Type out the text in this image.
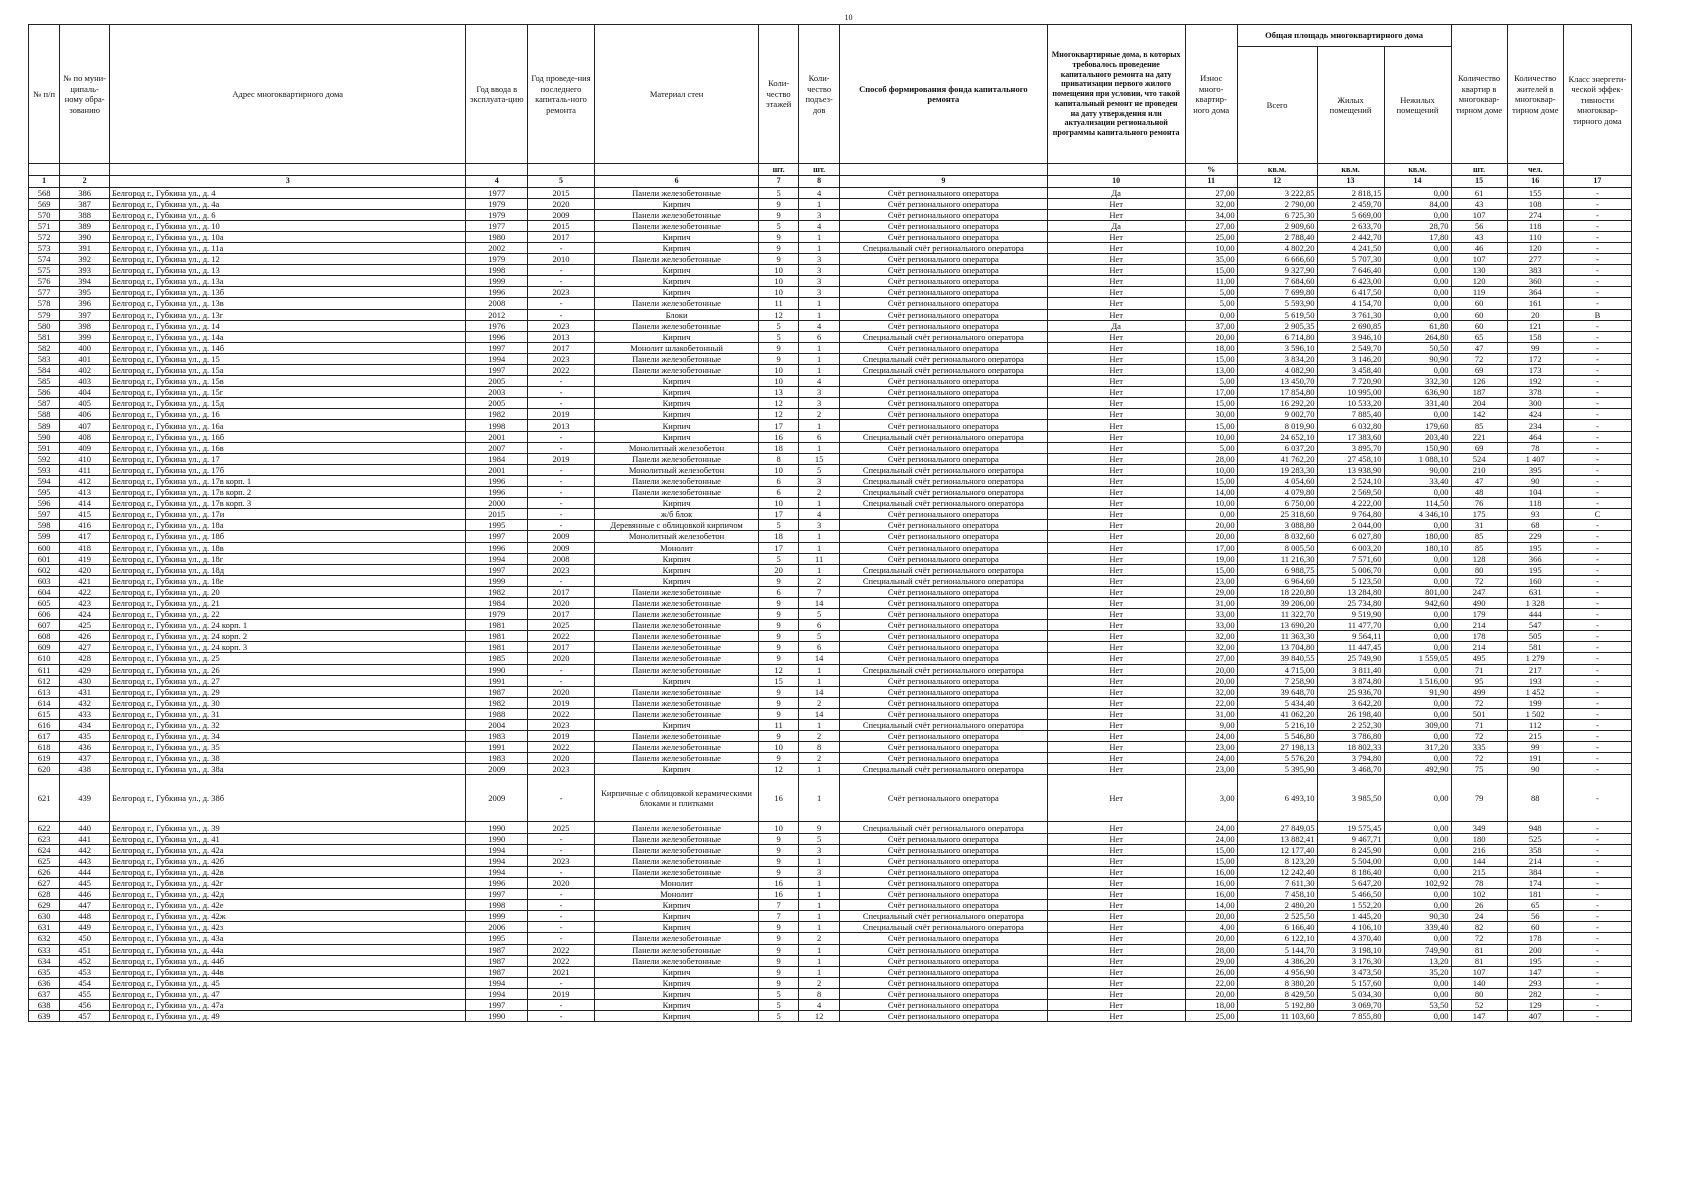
10
№ п/п	№ по муни-ципаль-ному обра-зованию	Адрес многоквартирного дома	Год ввода в эксплуата-цию	Год проведе-ния последнего капиталь-ного ремонта	Материал стен	Коли-чество этажей	Коли-чество подъез-дов	Способ формирования фонда капитального ремонта	Многоквартирные дома, в которых требовалось проведение капитального ремонта на дату приватизации первого жилого помещения при условии, что такой капитальный ремонт не проведен на дату утверждения или актуализации региональной программы капитального ремонта	Износ много-квартир-ного дома	Общая площадь многоквартирного дома			Количество квартир в многоквар-тирном доме	Количество жителей в многоквар-тирном доме	Класс энергети-ческой эффек-тивности многоквар-тирного дома
											Всего	Жилых помещений	Нежилых помещений			
						шт.	шт.			%	кв.м.	кв.м.	кв.м.	шт.	чел.	
1	2	3	4	5	6	7	8	9	10	11	12	13	14	15	16	17
568	386	Белгород г., Губкина ул., д. 4	1977	2015	Панели железобетонные	5	4	Счёт регионального оператора	Да	27,00	3 222,85	2 818,15	0,00	61	155	-
569	387	Белгород г., Губкина ул., д. 4а	1979	2020	Кирпич	9	1	Счёт регионального оператора	Нет	32,00	2 790,00	2 459,70	84,00	43	108	-
570	388	Белгород г., Губкина ул., д. 6	1979	2009	Панели железобетонные	9	3	Счёт регионального оператора	Нет	34,00	6 725,30	5 669,00	0,00	107	274	-
571	389	Белгород г., Губкина ул., д. 10	1977	2015	Панели железобетонные	5	4	Счёт регионального оператора	Да	27,00	2 909,60	2 633,70	28,70	56	118	-
572	390	Белгород г., Губкина ул., д. 10а	1980	2017	Кирпич	9	1	Счёт регионального оператора	Нет	25,00	2 788,40	2 442,70	17,80	43	110	-
573	391	Белгород г., Губкина ул., д. 11а	2002	-	Кирпич	9	1	Специальный счёт регионального оператора	Нет	10,00	4 802,20	4 241,50	0,00	46	120	-
574	392	Белгород г., Губкина ул., д. 12	1979	2010	Панели железобетонные	9	3	Счёт регионального оператора	Нет	35,00	6 666,60	5 707,30	0,00	107	277	-
575	393	Белгород г., Губкина ул., д. 13	1998	-	Кирпич	10	3	Счёт регионального оператора	Нет	15,00	9 327,90	7 646,40	0,00	130	383	-
576	394	Белгород г., Губкина ул., д. 13а	1999	-	Кирпич	10	3	Счёт регионального оператора	Нет	11,00	7 684,60	6 423,00	0,00	120	360	-
577	395	Белгород г., Губкина ул., д. 13б	1996	2023	Кирпич	10	3	Счёт регионального оператора	Нет	5,00	7 699,80	6 417,50	0,00	119	364	-
578	396	Белгород г., Губкина ул., д. 13в	2008	-	Панели железобетонные	11	1	Счёт регионального оператора	Нет	5,00	5 593,90	4 154,70	0,00	60	161	-
579	397	Белгород г., Губкина ул., д. 13г	2012	-	Блоки	12	1	Счёт регионального оператора	Нет	0,00	5 619,50	3 761,30	0,00	60	20	В
580	398	Белгород г., Губкина ул., д. 14	1976	2023	Панели железобетонные	5	4	Счёт регионального оператора	Да	37,00	2 905,35	2 690,85	61,80	60	121	-
581	399	Белгород г., Губкина ул., д. 14а	1996	2013	Кирпич	5	6	Специальный счёт регионального оператора	Нет	20,00	6 714,80	3 946,10	264,80	65	158	-
582	400	Белгород г., Губкина ул., д. 14б	1997	2017	Монолит шлакобетонный	9	1	Счёт регионального оператора	Нет	18,00	3 596,10	2 549,70	50,50	47	99	-
583	401	Белгород г., Губкина ул., д. 15	1994	2023	Панели железобетонные	9	1	Специальный счёт регионального оператора	Нет	15,00	3 834,20	3 146,20	90,90	72	172	-
584	402	Белгород г., Губкина ул., д. 15а	1997	2022	Панели железобетонные	10	1	Специальный счёт регионального оператора	Нет	13,00	4 082,90	3 458,40	0,00	69	173	-
585	403	Белгород г., Губкина ул., д. 15в	2005	-	Кирпич	10	4	Счёт регионального оператора	Нет	5,00	13 450,70	7 720,90	332,30	126	192	-
586	404	Белгород г., Губкина ул., д. 15г	2003	-	Кирпич	13	3	Счёт регионального оператора	Нет	17,00	17 854,80	10 995,00	636,90	187	378	-
587	405	Белгород г., Губкина ул., д. 15д	2005	-	Кирпич	12	3	Счёт регионального оператора	Нет	15,00	16 292,20	10 533,20	331,40	204	300	-
588	406	Белгород г., Губкина ул., д. 16	1982	2019	Кирпич	12	2	Счёт регионального оператора	Нет	30,00	9 002,70	7 885,40	0,00	142	424	-
589	407	Белгород г., Губкина ул., д. 16а	1998	2013	Кирпич	17	1	Счёт регионального оператора	Нет	15,00	8 019,90	6 032,80	179,60	85	234	-
590	408	Белгород г., Губкина ул., д. 16б	2001	-	Кирпич	16	6	Специальный счёт регионального оператора	Нет	10,00	24 652,10	17 383,60	203,40	221	464	-
591	409	Белгород г., Губкина ул., д. 16в	2007	-	Монолитный железобетон	18	1	Счёт регионального оператора	Нет	5,00	6 037,20	3 895,70	150,90	69	78	-
592	410	Белгород г., Губкина ул., д. 17	1984	2019	Панели железобетонные	8	15	Счёт регионального оператора	Нет	28,00	41 762,20	27 458,10	1 088,10	524	1 407	-
593	411	Белгород г., Губкина ул., д. 17б	2001	-	Монолитный железобетон	10	5	Специальный счёт регионального оператора	Нет	10,00	19 283,30	13 938,90	90,00	210	395	-
594	412	Белгород г., Губкина ул., д. 17в корп. 1	1996	-	Панели железобетонные	6	3	Специальный счёт регионального оператора	Нет	15,00	4 054,60	2 524,10	33,40	47	90	-
595	413	Белгород г., Губкина ул., д. 17в корп. 2	1996	-	Панели железобетонные	6	2	Специальный счёт регионального оператора	Нет	14,00	4 079,80	2 569,50	0,00	48	104	-
596	414	Белгород г., Губкина ул., д. 17в корп. 3	2000	-	Кирпич	10	1	Специальный счёт регионального оператора	Нет	10,00	6 750,00	4 222,00	114,50	76	118	-
597	415	Белгород г., Губкина ул., д. 17и	2015	-	ж/б блок	17	4	Счёт регионального оператора	Нет	0,00	25 318,60	9 764,80	4 346,10	175	93	С
598	416	Белгород г., Губкина ул., д. 18а	1995	-	Деревянные с облицовкой кирпичом	5	3	Счёт регионального оператора	Нет	20,00	3 088,80	2 044,00	0,00	31	68	-
599	417	Белгород г., Губкина ул., д. 18б	1997	2009	Монолитный железобетон	18	1	Счёт регионального оператора	Нет	20,00	8 032,60	6 027,80	180,00	85	229	-
600	418	Белгород г., Губкина ул., д. 18в	1996	2009	Монолит	17	1	Счёт регионального оператора	Нет	17,00	8 005,50	6 003,20	180,10	85	195	-
601	419	Белгород г., Губкина ул., д. 18г	1994	2008	Кирпич	5	11	Счёт регионального оператора	Нет	19,00	11 216,30	7 571,60	0,00	128	366	-
602	420	Белгород г., Губкина ул., д. 18д	1997	2023	Кирпич	20	1	Специальный счёт регионального оператора	Нет	15,00	6 988,75	5 006,70	0,00	80	195	-
603	421	Белгород г., Губкина ул., д. 18е	1999	-	Кирпич	9	2	Специальный счёт регионального оператора	Нет	23,00	6 964,60	5 123,50	0,00	72	160	-
604	422	Белгород г., Губкина ул., д. 20	1982	2017	Панели железобетонные	6	7	Счёт регионального оператора	Нет	29,00	18 220,80	13 284,80	801,00	247	631	-
605	423	Белгород г., Губкина ул., д. 21	1984	2020	Панели железобетонные	9	14	Счёт регионального оператора	Нет	31,00	39 206,00	25 734,80	942,60	490	1 328	-
606	424	Белгород г., Губкина ул., д. 22	1979	2017	Панели железобетонные	9	5	Счёт регионального оператора	Нет	33,00	11 322,70	9 519,90	0,00	179	444	-
607	425	Белгород г., Губкина ул., д. 24 корп. 1	1981	2025	Панели железобетонные	9	6	Счёт регионального оператора	Нет	33,00	13 690,20	11 477,70	0,00	214	547	-
608	426	Белгород г., Губкина ул., д. 24 корп. 2	1981	2022	Панели железобетонные	9	5	Счёт регионального оператора	Нет	32,00	11 363,30	9 564,11	0,00	178	505	-
609	427	Белгород г., Губкина ул., д. 24 корп. 3	1981	2017	Панели железобетонные	9	6	Счёт регионального оператора	Нет	32,00	13 704,80	11 447,45	0,00	214	581	-
610	428	Белгород г., Губкина ул., д. 25	1985	2020	Панели железобетонные	9	14	Счёт регионального оператора	Нет	27,00	39 840,55	25 749,90	1 559,05	495	1 279	-
611	429	Белгород г., Губкина ул., д. 26	1990	-	Панели железобетонные	12	1	Специальный счёт регионального оператора	Нет	20,00	4 715,00	3 811,40	0,00	71	217	-
612	430	Белгород г., Губкина ул., д. 27	1991	-	Кирпич	15	1	Счёт регионального оператора	Нет	20,00	7 258,90	3 874,80	1 516,00	95	193	-
613	431	Белгород г., Губкина ул., д. 29	1987	2020	Панели железобетонные	9	14	Счёт регионального оператора	Нет	32,00	39 648,70	25 936,70	91,90	499	1 452	-
614	432	Белгород г., Губкина ул., д. 30	1982	2019	Панели железобетонные	9	2	Счёт регионального оператора	Нет	22,00	5 434,40	3 642,20	0,00	72	199	-
615	433	Белгород г., Губкина ул., д. 31	1988	2022	Панели железобетонные	9	14	Счёт регионального оператора	Нет	31,00	41 062,20	26 198,40	0,00	501	1 502	-
616	434	Белгород г., Губкина ул., д. 32	2004	2023	Кирпич	11	1	Специальный счёт регионального оператора	Нет	9,00	5 216,10	2 252,30	309,00	71	112	-
617	435	Белгород г., Губкина ул., д. 34	1983	2019	Панели железобетонные	9	2	Счёт регионального оператора	Нет	24,00	5 546,80	3 786,80	0,00	72	215	-
618	436	Белгород г., Губкина ул., д. 35	1991	2022	Панели железобетонные	10	8	Счёт регионального оператора	Нет	23,00	27 198,13	18 802,33	317,20	335	99	-
619	437	Белгород г., Губкина ул., д. 38	1983	2020	Панели железобетонные	9	2	Счёт регионального оператора	Нет	24,00	5 576,20	3 794,80	0,00	72	191	-
620	438	Белгород г., Губкина ул., д. 38а	2009	2023	Кирпич	12	1	Специальный счёт регионального оператора	Нет	23,00	5 395,90	3 468,70	492,90	75	90	-
621	439	Белгород г., Губкина ул., д. 38б	2009	-	Кирпичные с облицовкой керамическими блоками и плитками	16	1	Счёт регионального оператора	Нет	3,00	6 493,10	3 985,50	0,00	79	88	-
622	440	Белгород г., Губкина ул., д. 39	1990	2025	Панели железобетонные	10	9	Специальный счёт регионального оператора	Нет	24,00	27 849,05	19 575,45	0,00	349	948	-
623	441	Белгород г., Губкина ул., д. 41	1990	-	Панели железобетонные	9	5	Счёт регионального оператора	Нет	24,00	13 882,41	9 467,71	0,00	180	525	-
624	442	Белгород г., Губкина ул., д. 42а	1994	-	Панели железобетонные	9	3	Счёт регионального оператора	Нет	15,00	12 177,40	8 245,90	0,00	216	358	-
625	443	Белгород г., Губкина ул., д. 42б	1994	2023	Панели железобетонные	9	1	Счёт регионального оператора	Нет	15,00	8 123,20	5 504,00	0,00	144	214	-
626	444	Белгород г., Губкина ул., д. 42в	1994	-	Панели железобетонные	9	3	Счёт регионального оператора	Нет	16,00	12 242,40	8 186,40	0,00	215	384	-
627	445	Белгород г., Губкина ул., д. 42г	1996	2020	Монолит	16	1	Счёт регионального оператора	Нет	16,00	7 611,30	5 647,20	102,92	78	174	-
628	446	Белгород г., Губкина ул., д. 42д	1997	-	Монолит	16	1	Счёт регионального оператора	Нет	16,00	7 458,10	5 466,50	0,00	102	181	-
629	447	Белгород г., Губкина ул., д. 42е	1998	-	Кирпич	7	1	Счёт регионального оператора	Нет	14,00	2 480,20	1 552,20	0,00	26	65	-
630	448	Белгород г., Губкина ул., д. 42ж	1999	-	Кирпич	7	1	Специальный счёт регионального оператора	Нет	20,00	2 525,50	1 445,20	90,30	24	56	-
631	449	Белгород г., Губкина ул., д. 42з	2006	-	Кирпич	9	1	Специальный счёт регионального оператора	Нет	4,00	6 166,40	4 106,10	339,40	82	60	-
632	450	Белгород г., Губкина ул., д. 43а	1995	-	Панели железобетонные	9	2	Счёт регионального оператора	Нет	20,00	6 122,10	4 370,40	0,00	72	178	-
633	451	Белгород г., Губкина ул., д. 44а	1987	2022	Панели железобетонные	9	1	Счёт регионального оператора	Нет	28,00	5 144,70	3 198,10	749,90	81	200	-
634	452	Белгород г., Губкина ул., д. 44б	1987	2022	Панели железобетонные	9	1	Счёт регионального оператора	Нет	29,00	4 386,20	3 176,30	13,20	81	195	-
635	453	Белгород г., Губкина ул., д. 44в	1987	2021	Кирпич	9	1	Счёт регионального оператора	Нет	26,00	4 956,90	3 473,50	35,20	107	147	-
636	454	Белгород г., Губкина ул., д. 45	1994	-	Кирпич	9	2	Счёт регионального оператора	Нет	22,00	8 380,20	5 157,60	0,00	140	293	-
637	455	Белгород г., Губкина ул., д. 47	1994	2019	Кирпич	5	8	Счёт регионального оператора	Нет	20,00	8 429,50	5 034,30	0,00	80	282	-
638	456	Белгород г., Губкина ул., д. 47а	1997	-	Кирпич	5	4	Счёт регионального оператора	Нет	18,00	5 192,80	3 069,70	53,50	52	129	-
639	457	Белгород г., Губкина ул., д. 49	1990	-	Кирпич	5	12	Счёт регионального оператора	Нет	25,00	11 103,60	7 855,80	0,00	147	407	-
